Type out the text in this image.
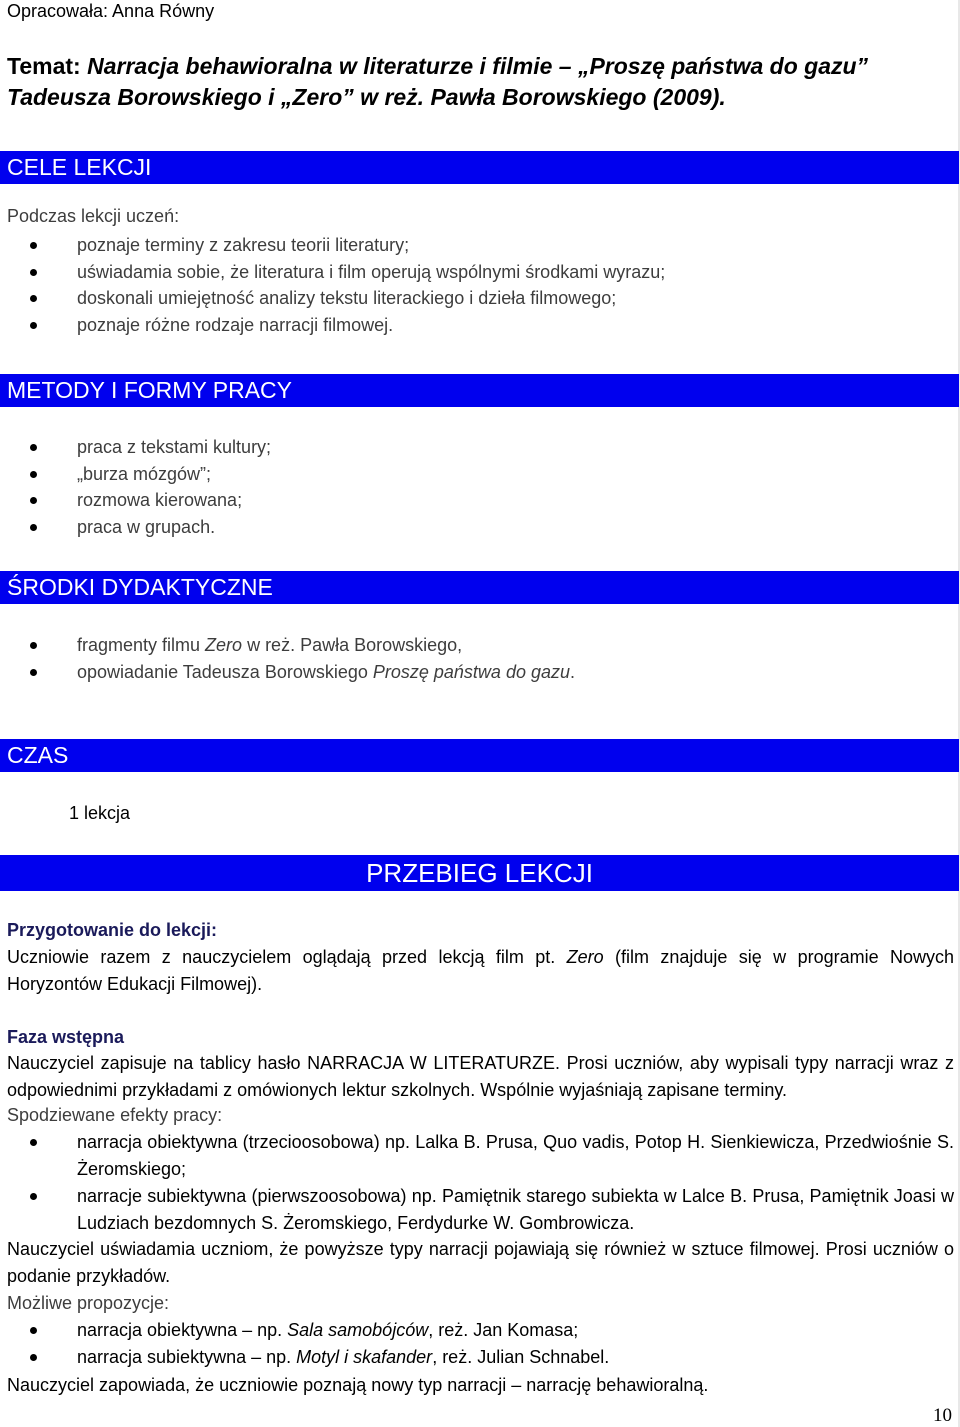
Opracowała: Anna Równy
Temat: Narracja behawioralna w literaturze i filmie – „Proszę państwa do gazu” Tadeusza Borowskiego i „Zero” w reż. Pawła Borowskiego (2009).
CELE LEKCJI
Podczas lekcji uczeń:
poznaje terminy z zakresu teorii literatury;
uświadamia sobie, że literatura i film operują wspólnymi środkami wyrazu;
doskonali umiejętność analizy tekstu literackiego i dzieła filmowego;
poznaje różne rodzaje narracji filmowej.
METODY I FORMY PRACY
praca z tekstami kultury;
„burza mózgów”;
rozmowa kierowana;
praca w grupach.
ŚRODKI DYDAKTYCZNE
fragmenty filmu Zero w reż. Pawła Borowskiego,
opowiadanie Tadeusza Borowskiego Proszę państwa do gazu.
CZAS
1 lekcja
PRZEBIEG LEKCJI
Przygotowanie do lekcji:
Uczniowie razem z nauczycielem oglądają przed lekcją film pt. Zero (film znajduje się w programie Nowych Horyzontów Edukacji Filmowej).
Faza wstępna
Nauczyciel zapisuje na tablicy hasło NARRACJA W LITERATURZE. Prosi uczniów, aby wypisali typy narracji wraz z odpowiednimi przykładami z omówionych lektur szkolnych. Wspólnie wyjaśniają zapisane terminy.
Spodziewane efekty pracy:
narracja obiektywna (trzecioosobowa) np. Lalka B. Prusa, Quo vadis, Potop H. Sienkiewicza, Przedwiośnie S. Żeromskiego;
narracje subiektywna (pierwszoosobowa) np. Pamiętnik starego subiekta w Lalce B. Prusa, Pamiętnik Joasi w Ludziach bezdomnych S. Żeromskiego, Ferdydurke W. Gombrowicza.
Nauczyciel uświadamia uczniom, że powyższe typy narracji pojawiają się również w sztuce filmowej. Prosi uczniów o podanie przykładów.
Możliwe propozycje:
narracja obiektywna – np. Sala samobójców, reż. Jan Komasa;
narracja subiektywna – np. Motyl i skafander, reż. Julian Schnabel.
Nauczyciel zapowiada, że uczniowie poznają nowy typ narracji – narrację behawioralną.
10
